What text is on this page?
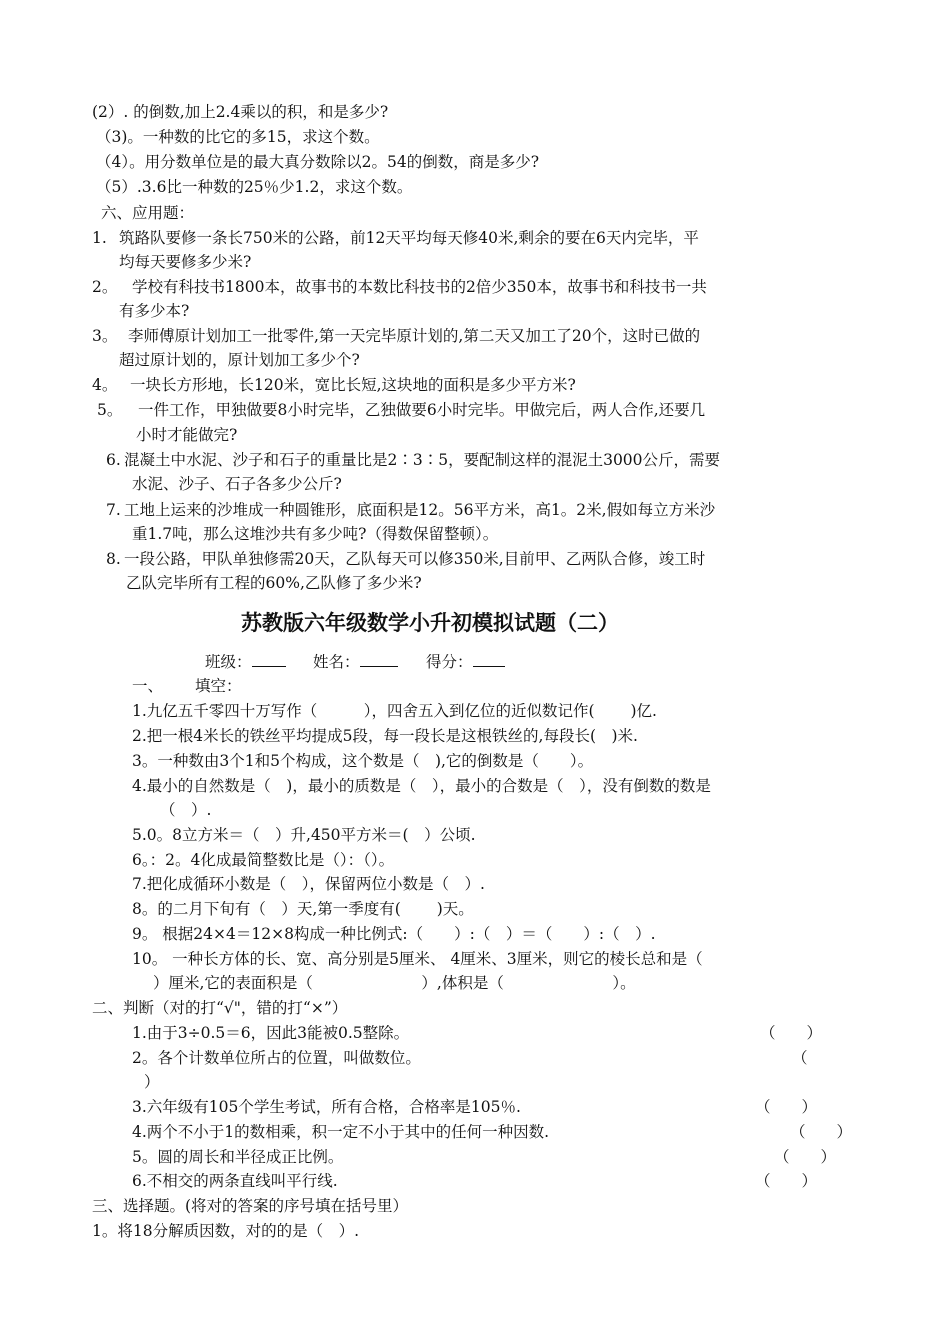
(2）. 的倒数,加上2.4乘以的积，和是多少?
（3)。一种数的比它的多15，求这个数。
（4）。用分数单位是的最大真分数除以2。54的倒数，商是多少?
（5）.3.6比一种数的25％少1.2，求这个数。
六、应用题：
1. 筑路队要修一条长750米的公路，前12天平均每天修40米,剩余的要在6天内完毕，平
均每天要修多少米?
2。 学校有科技书1800本，故事书的本数比科技书的2倍少350本，故事书和科技书一共
有多少本?
3。 李师傅原计划加工一批零件,第一天完毕原计划的,第二天又加工了20个，这时已做的
超过原计划的，原计划加工多少个?
4。 一块长方形地，长120米，宽比长短,这块地的面积是多少平方米?
5。 一件工作，甲独做要8小时完毕，乙独做要6小时完毕。甲做完后，两人合作,还要几
小时才能做完?
6. 混凝土中水泥、沙子和石子的重量比是2∶3∶5，要配制这样的混泥土3000公斤，需要
水泥、沙子、石子各多少公斤?
7. 工地上运来的沙堆成一种圆锥形，底面积是12。56平方米，高1。2米,假如每立方米沙
重1.7吨，那么这堆沙共有多少吨?（得数保留整顿）。
8. 一段公路，甲队单独修需20天，乙队每天可以修350米,目前甲、乙两队合修，竣工时
乙队完毕所有工程的60%,乙队修了多少米?
苏教版六年级数学小升初模拟试题（二）
班级：	姓名：	得分：
一、 填空：
1.九亿五千零四十万写作（　　　），四舍五入到亿位的近似数记作(　　 )亿.
2.把一根4米长的铁丝平均提成5段，每一段长是这根铁丝的,每段长(　)米.
3。一种数由3个1和5个构成，这个数是（　),它的倒数是（　　）。
4.最小的自然数是（　)，最小的质数是（　），最小的合数是（　），没有倒数的数是
（　）.
5.0。8立方米＝（　）升,450平方米＝(　）公顷.
6。：2。4化成最简整数比是（）：（）。
7.把化成循环小数是（　），保留两位小数是（　）.
8。的二月下旬有（　）天,第一季度有(　　 )天。
9。 根据24×4＝12×8构成一种比例式:（　　）:（　）＝（　　）:（　）.
10。 一种长方体的长、宽、高分别是5厘米、 4厘米、3厘米，则它的棱长总和是（
）厘米,它的表面积是（　　　　　　　）,体积是（　　　　　　　）。
二、判断（对的打“√"，错的打“×”）
1.由于3÷0.5＝6，因此3能被0.5整除。	（　　）
2。各个计数单位所占的位置，叫做数位。	（
）
3.六年级有105个学生考试，所有合格，合格率是105％.	（　　）
4.两个不小于1的数相乘，积一定不小于其中的任何一种因数.	（　　）
5。圆的周长和半径成正比例。	（　　）
6.不相交的两条直线叫平行线.	（　　）
三、选择题。(将对的答案的序号填在括号里）
1。将18分解质因数，对的的是（　）.
